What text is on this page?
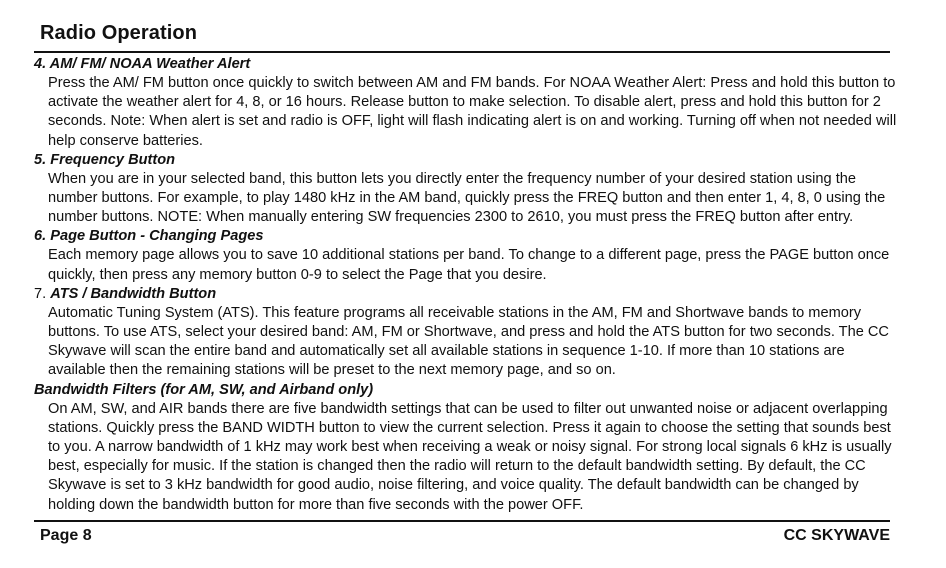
Radio Operation

4. AM/ FM/ NOAA Weather Alert

Press the AM/ FM button once quickly to switch between AM and FM bands. For NOAA Weather Alert: Press and hold this button to activate the weather alert for 4, 8, or 16 hours. Release button to make selection. To disable alert, press and hold this button for 2 seconds. Note: When alert is set and radio is OFF, light will flash indicating alert is on and working. Turning off when not needed will help conserve batteries.

5. Frequency Button

When you are in your selected band, this button lets you directly enter the frequency number of your desired station using the number buttons. For example, to play 1480 kHz in the AM band, quickly press the FREQ button and then enter 1, 4, 8, 0 using the number buttons. NOTE: When manually entering SW frequencies 2300 to 2610, you must press the FREQ button after entry.

6. Page Button - Changing Pages

Each memory page allows you to save 10 additional stations per band. To change to a different page, press the PAGE button once quickly, then press any memory button 0-9 to select the Page that you desire.

7. ATS / Bandwidth Button

Automatic Tuning System (ATS). This feature programs all receivable stations in the AM, FM and Shortwave bands to memory buttons. To use ATS, select your desired band: AM, FM or Shortwave, and press and hold the ATS button for two seconds. The CC Skywave will scan the entire band and automatically set all available stations in sequence 1-10. If more than 10 stations are available then the remaining stations will be preset to the next memory page, and so on.

Bandwidth Filters (for AM, SW, and Airband only)

On AM, SW, and AIR bands there are five bandwidth settings that can be used to filter out unwanted noise or adjacent overlapping stations. Quickly press the BAND WIDTH button to view the current selection. Press it again to choose the setting that sounds best to you. A narrow bandwidth of 1 kHz may work best when receiving a weak or noisy signal. For strong local signals 6 kHz is usually best, especially for music. If the station is changed then the radio will return to the default bandwidth setting. By default, the CC Skywave is set to 3 kHz bandwidth for good audio, noise filtering, and voice quality. The default bandwidth can be changed by holding down the bandwidth button for more than five seconds with the power OFF.

Page 8	CC SKYWAVE
